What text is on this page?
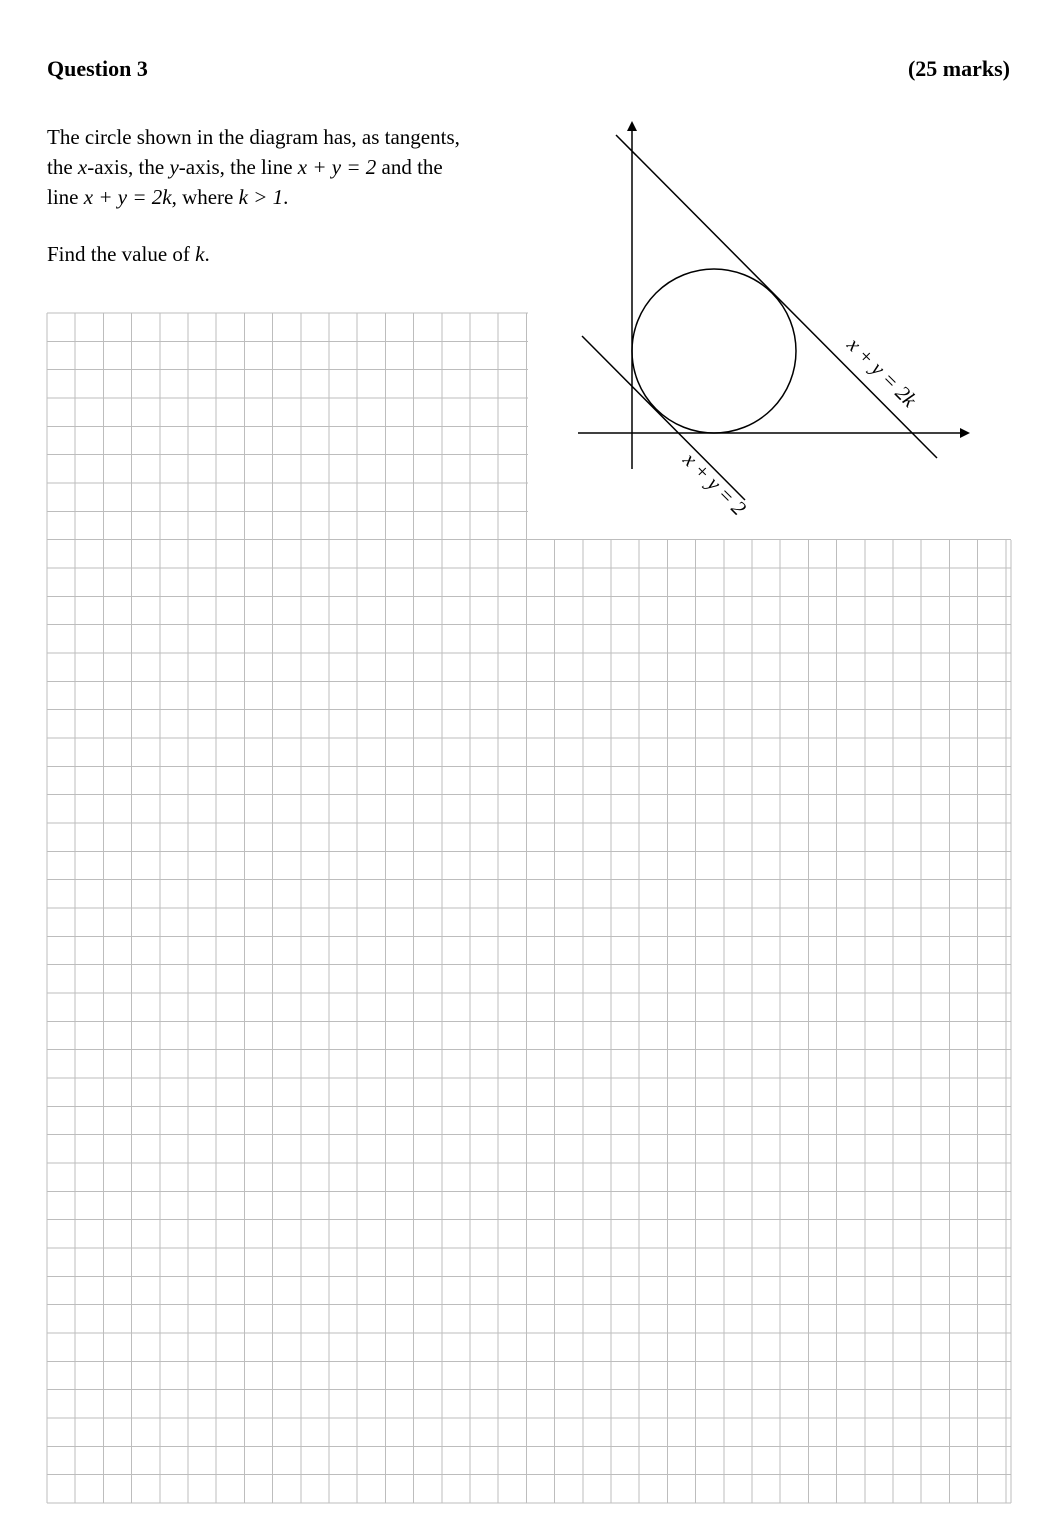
Question 3	(25 marks)

The circle shown in the diagram has, as tangents,

the x-axis, the y-axis, the line x + y = 2 and the

line x + y = 2k, where k > 1.

Find the value of k.
x + y = 2
x + y = 2k
